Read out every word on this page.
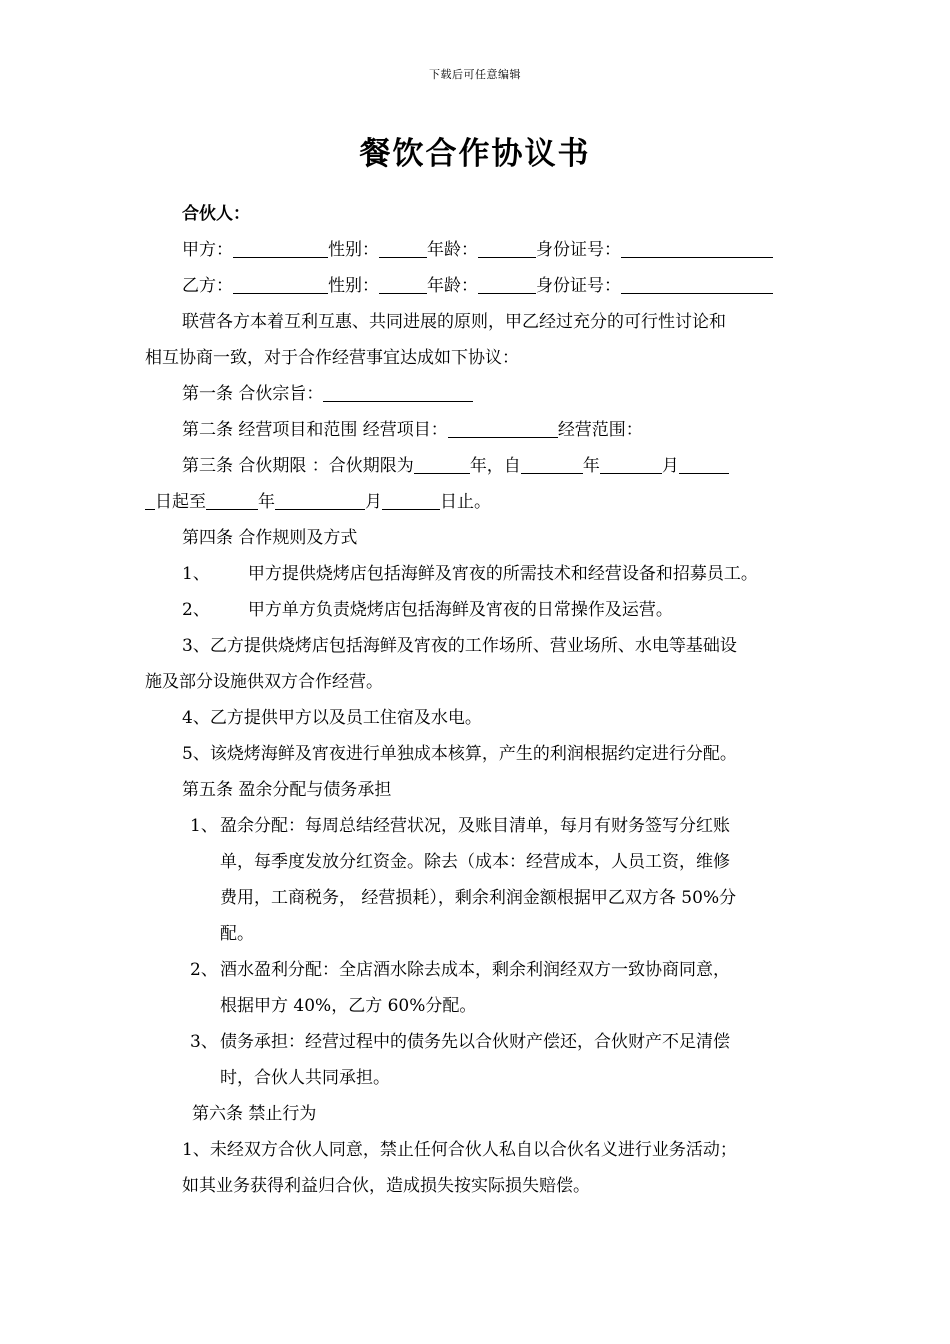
下载后可任意编辑
餐饮合作协议书
合伙人：
甲方：	性别：	年龄：	身份证号：
乙方：	性别：	年龄：	身份证号：
联营各方本着互利互惠、共同进展的原则，甲乙经过充分的可行性讨论和
相互协商一致，对于合作经营事宜达成如下协议：
第一条 合伙宗旨：
第二条 经营项目和范围 经营项目：	经营范围：
第三条 合伙期限 ：合伙期限为	年，自	年	月
日起至	年	月	日止。
第四条 合作规则及方式
1、 甲方提供烧烤店包括海鲜及宵夜的所需技术和经营设备和招募员工。
2、 甲方单方负责烧烤店包括海鲜及宵夜的日常操作及运营。
3、乙方提供烧烤店包括海鲜及宵夜的工作场所、营业场所、水电等基础设
施及部分设施供双方合作经营。
4、乙方提供甲方以及员工住宿及水电。
5、该烧烤海鲜及宵夜进行单独成本核算，产生的利润根据约定进行分配。
第五条 盈余分配与债务承担
1、 盈余分配：每周总结经营状况，及账目清单，每月有财务签写分红账
单，每季度发放分红资金。除去（成本：经营成本，人员工资，维修
费用，工商税务， 经营损耗），剩余利润金额根据甲乙双方各 50%分
配。
2、 酒水盈利分配：全店酒水除去成本，剩余利润经双方一致协商同意，
根据甲方 40%，乙方 60%分配。
3、 债务承担：经营过程中的债务先以合伙财产偿还，合伙财产不足清偿
时，合伙人共同承担。
第六条 禁止行为
1、未经双方合伙人同意，禁止任何合伙人私自以合伙名义进行业务活动；
如其业务获得利益归合伙，造成损失按实际损失赔偿。
